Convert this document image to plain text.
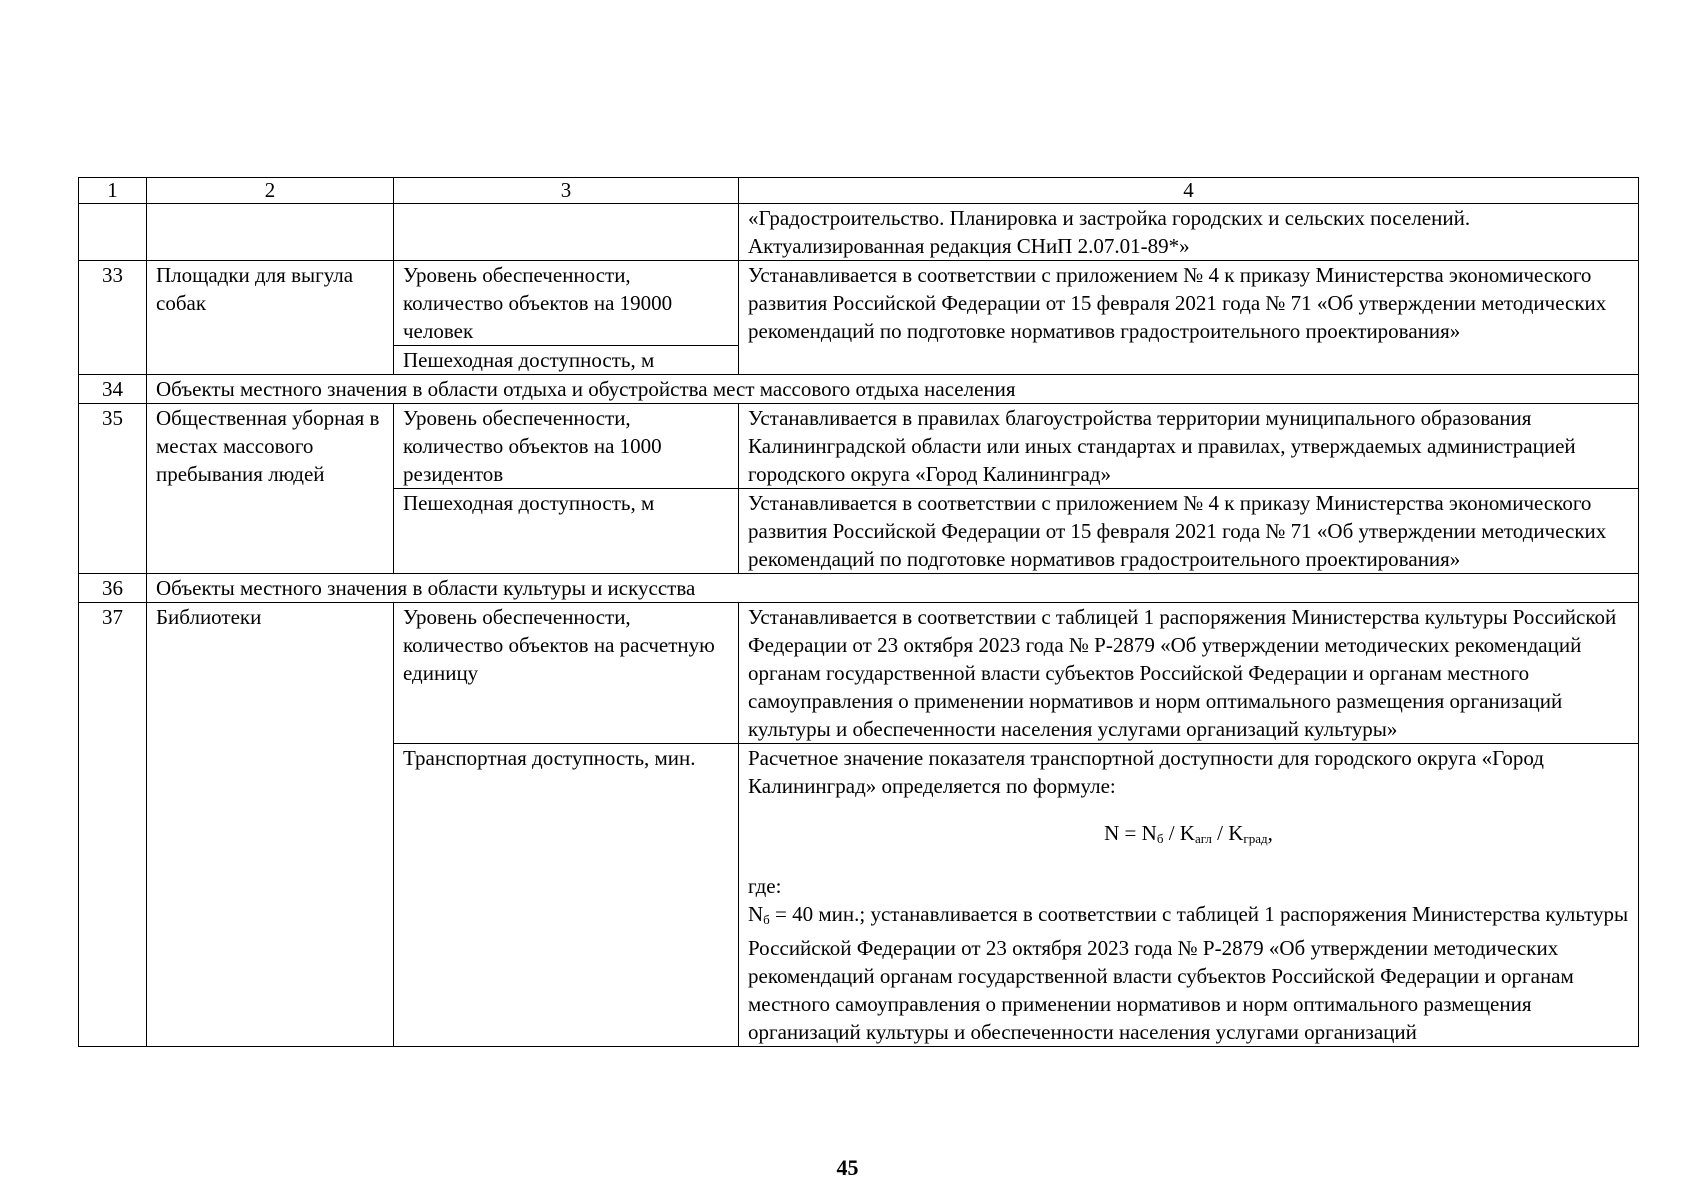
1	2	3	4
			«Градостроительство. Планировка и застройка городских и сельских поселений. Актуализированная редакция СНиП 2.07.01-89*»
33	Площадки для выгула собак	Уровень обеспеченности, количество объектов на 19000 человек	Устанавливается в соответствии с приложением № 4 к приказу Министерства экономического развития Российской Федерации от 15 февраля 2021 года № 71 «Об утверждении методических рекомендаций по подготовке нормативов градостроительного проектирования»
		Пешеходная доступность, м	
34	Объекты местного значения в области отдыха и обустройства мест массового отдыха населения		
35	Общественная уборная в местах массового пребывания людей	Уровень обеспеченности, количество объектов на 1000 резидентов	Устанавливается в правилах благоустройства территории муниципального образования Калининградской области или иных стандартах и правилах, утверждаемых администрацией городского округа «Город Калининград»
		Пешеходная доступность, м	Устанавливается в соответствии с приложением № 4 к приказу Министерства экономического развития Российской Федерации от 15 февраля 2021 года № 71 «Об утверждении методических рекомендаций по подготовке нормативов градостроительного проектирования»
36	Объекты местного значения в области культуры и искусства		
37	Библиотеки	Уровень обеспеченности, количество объектов на расчетную единицу	Устанавливается в соответствии с таблицей 1 распоряжения Министерства культуры Российской Федерации от 23 октября 2023 года № Р-2879 «Об утверждении методических рекомендаций органам государственной власти субъектов Российской Федерации и органам местного самоуправления о применении нормативов и норм оптимального размещения организаций культуры и обеспеченности населения услугами организаций культуры»
		Транспортная доступность, мин.	Расчетное значение показателя транспортной доступности для городского округа «Город Калининград» определяется по формуле:
$N = N_б / K_{агл} / K_{град}$,
где:
$N_б = 40$ мин.; устанавливается в соответствии с таблицей 1 распоряжения Министерства культуры Российской Федерации от 23 октября 2023 года № Р-2879 «Об утверждении методических рекомендаций органам государственной власти субъектов Российской Федерации и органам местного самоуправления о применении нормативов и норм оптимального размещения организаций культуры и обеспеченности населения услугами организаций
45
